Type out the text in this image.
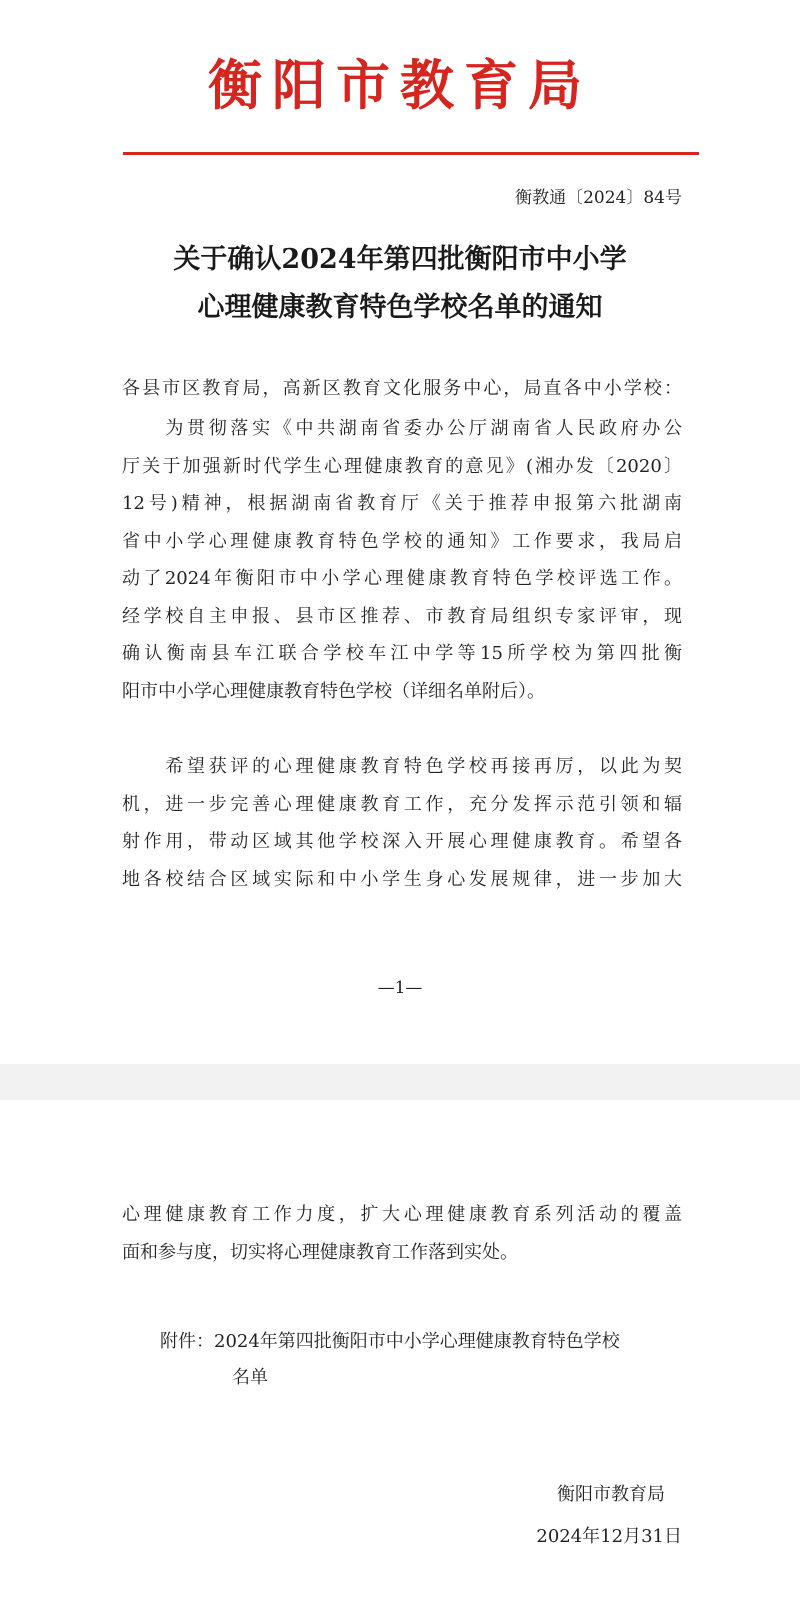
衡阳市教育局
衡教通〔2024〕84号
关于确认2024年第四批衡阳市中小学
心理健康教育特色学校名单的通知
各县市区教育局，高新区教育文化服务中心，局直各中小学校：
　　为贯彻落实《中共湖南省委办公厅湖南省人民政府办公
厅关于加强新时代学生心理健康教育的意见》(湘办发〔2020〕
12号)精神，根据湖南省教育厅《关于推荐申报第六批湖南
省中小学心理健康教育特色学校的通知》工作要求，我局启
动了2024年衡阳市中小学心理健康教育特色学校评选工作。
经学校自主申报、县市区推荐、市教育局组织专家评审，现
确认衡南县车江联合学校车江中学等15所学校为第四批衡
阳市中小学心理健康教育特色学校（详细名单附后）。
　　希望获评的心理健康教育特色学校再接再厉，以此为契
机，进一步完善心理健康教育工作，充分发挥示范引领和辐
射作用，带动区域其他学校深入开展心理健康教育。希望各
地各校结合区域实际和中小学生身心发展规律，进一步加大
—1—
心理健康教育工作力度，扩大心理健康教育系列活动的覆盖
面和参与度，切实将心理健康教育工作落到实处。
附件：2024年第四批衡阳市中小学心理健康教育特色学校
名单
衡阳市教育局
2024年12月31日
